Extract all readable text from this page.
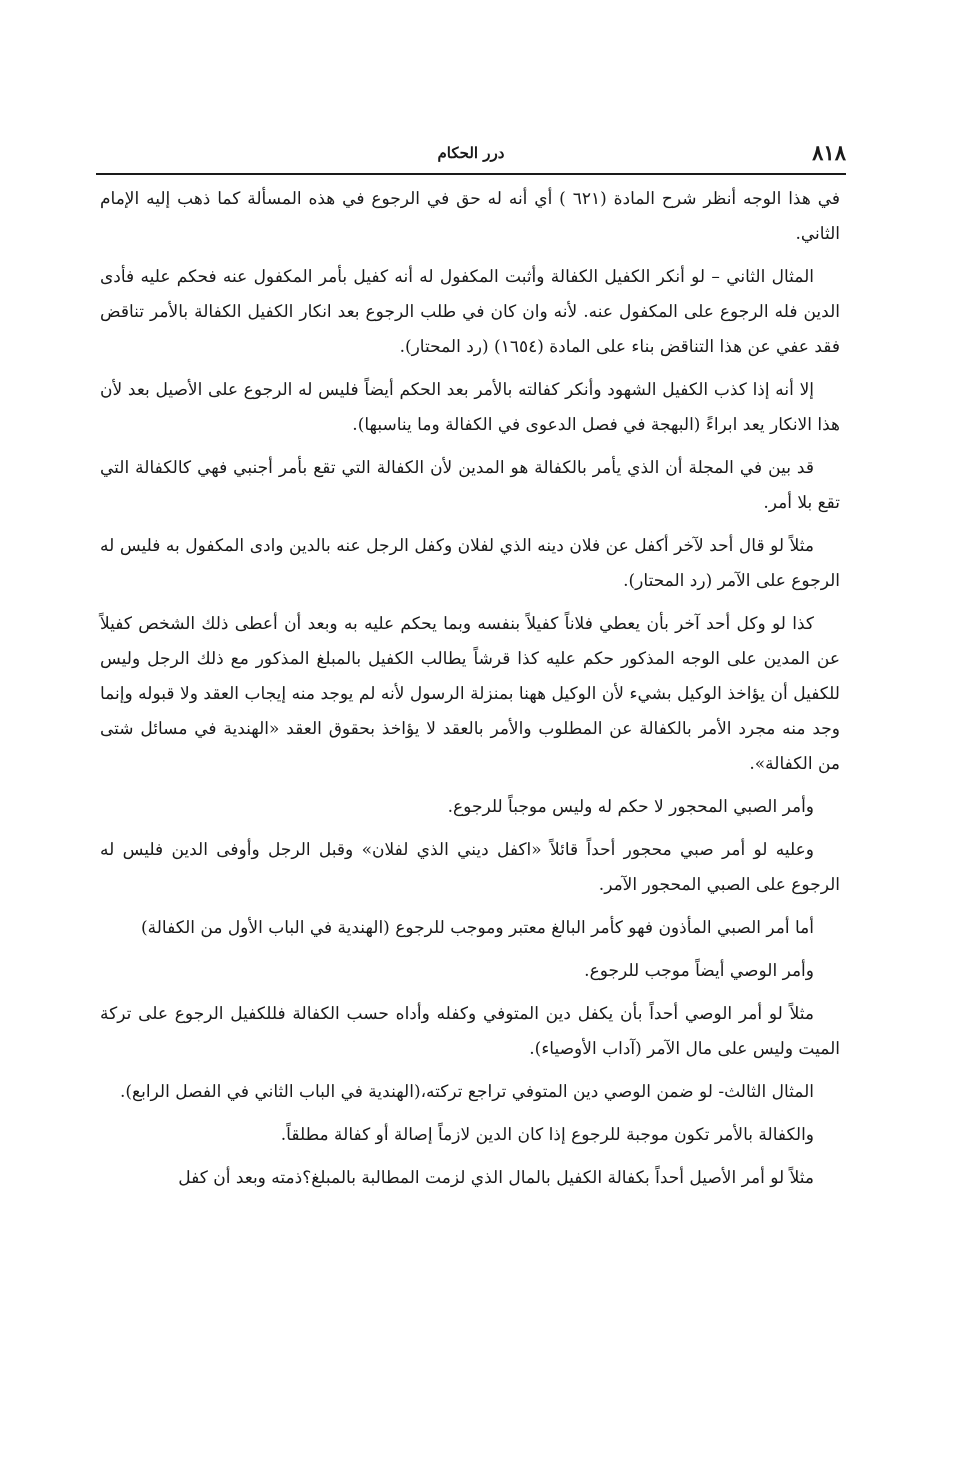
٨١٨
درر الحكام

في هذا الوجه أنظر شرح المادة (٦٢١ ) أي أنه له حق في الرجوع في هذه المسألة كما ذهب إليه الإمام الثاني.

المثال الثاني – لو أنكر الكفيل الكفالة وأثبت المكفول له أنه كفيل بأمر المكفول عنه فحكم عليه فأدى الدين فله الرجوع على المكفول عنه. لأنه وان كان في طلب الرجوع بعد انكار الكفيل الكفالة بالأمر تناقض فقد عفي عن هذا التناقض بناء على المادة (١٦٥٤) (رد المحتار).

إلا أنه إذا كذب الكفيل الشهود وأنكر كفالته بالأمر بعد الحكم أيضاً فليس له الرجوع على الأصيل بعد لأن هذا الانكار يعد ابراءً (البهجة في فصل الدعوى في الكفالة وما يناسبها).

قد بين في المجلة أن الذي يأمر بالكفالة هو المدين لأن الكفالة التي تقع بأمر أجنبي فهي كالكفالة التي تقع بلا أمر.

مثلاً لو قال أحد لآخر أكفل عن فلان دينه الذي لفلان وكفل الرجل عنه بالدين وادى المكفول به فليس له الرجوع على الآمر (رد المحتار).

كذا لو وكل أحد آخر بأن يعطي فلاناً كفيلاً بنفسه وبما يحكم عليه به وبعد أن أعطى ذلك الشخص كفيلاً عن المدين على الوجه المذكور حكم عليه كذا قرشاً يطالب الكفيل بالمبلغ المذكور مع ذلك الرجل وليس للكفيل أن يؤاخذ الوكيل بشيء لأن الوكيل ههنا بمنزلة الرسول لأنه لم يوجد منه إيجاب العقد ولا قبوله وإنما وجد منه مجرد الأمر بالكفالة عن المطلوب والأمر بالعقد لا يؤاخذ بحقوق العقد «الهندية في مسائل شتى من الكفالة».

وأمر الصبي المحجور لا حكم له وليس موجباً للرجوع.

وعليه لو أمر صبي محجور أحداً قائلاً «اكفل ديني الذي لفلان» وقبل الرجل وأوفى الدين فليس له الرجوع على الصبي المحجور الآمر.

أما أمر الصبي المأذون فهو كأمر البالغ معتبر وموجب للرجوع (الهندية في الباب الأول من الكفالة)

وأمر الوصي أيضاً موجب للرجوع.

مثلاً لو أمر الوصي أحداً بأن يكفل دين المتوفي وكفله وأداه حسب الكفالة فللكفيل الرجوع على تركة الميت وليس على مال الآمر (آداب الأوصياء).

المثال الثالث- لو ضمن الوصي دين المتوفي تراجع تركته،(الهندية في الباب الثاني في الفصل الرابع).

والكفالة بالأمر تكون موجبة للرجوع إذا كان الدين لازماً إصالة أو كفالة مطلقاً.

مثلاً لو أمر الأصيل أحداً بكفالة الكفيل بالمال الذي لزمت المطالبة بالمبلغ؟ذمته وبعد أن كفل
